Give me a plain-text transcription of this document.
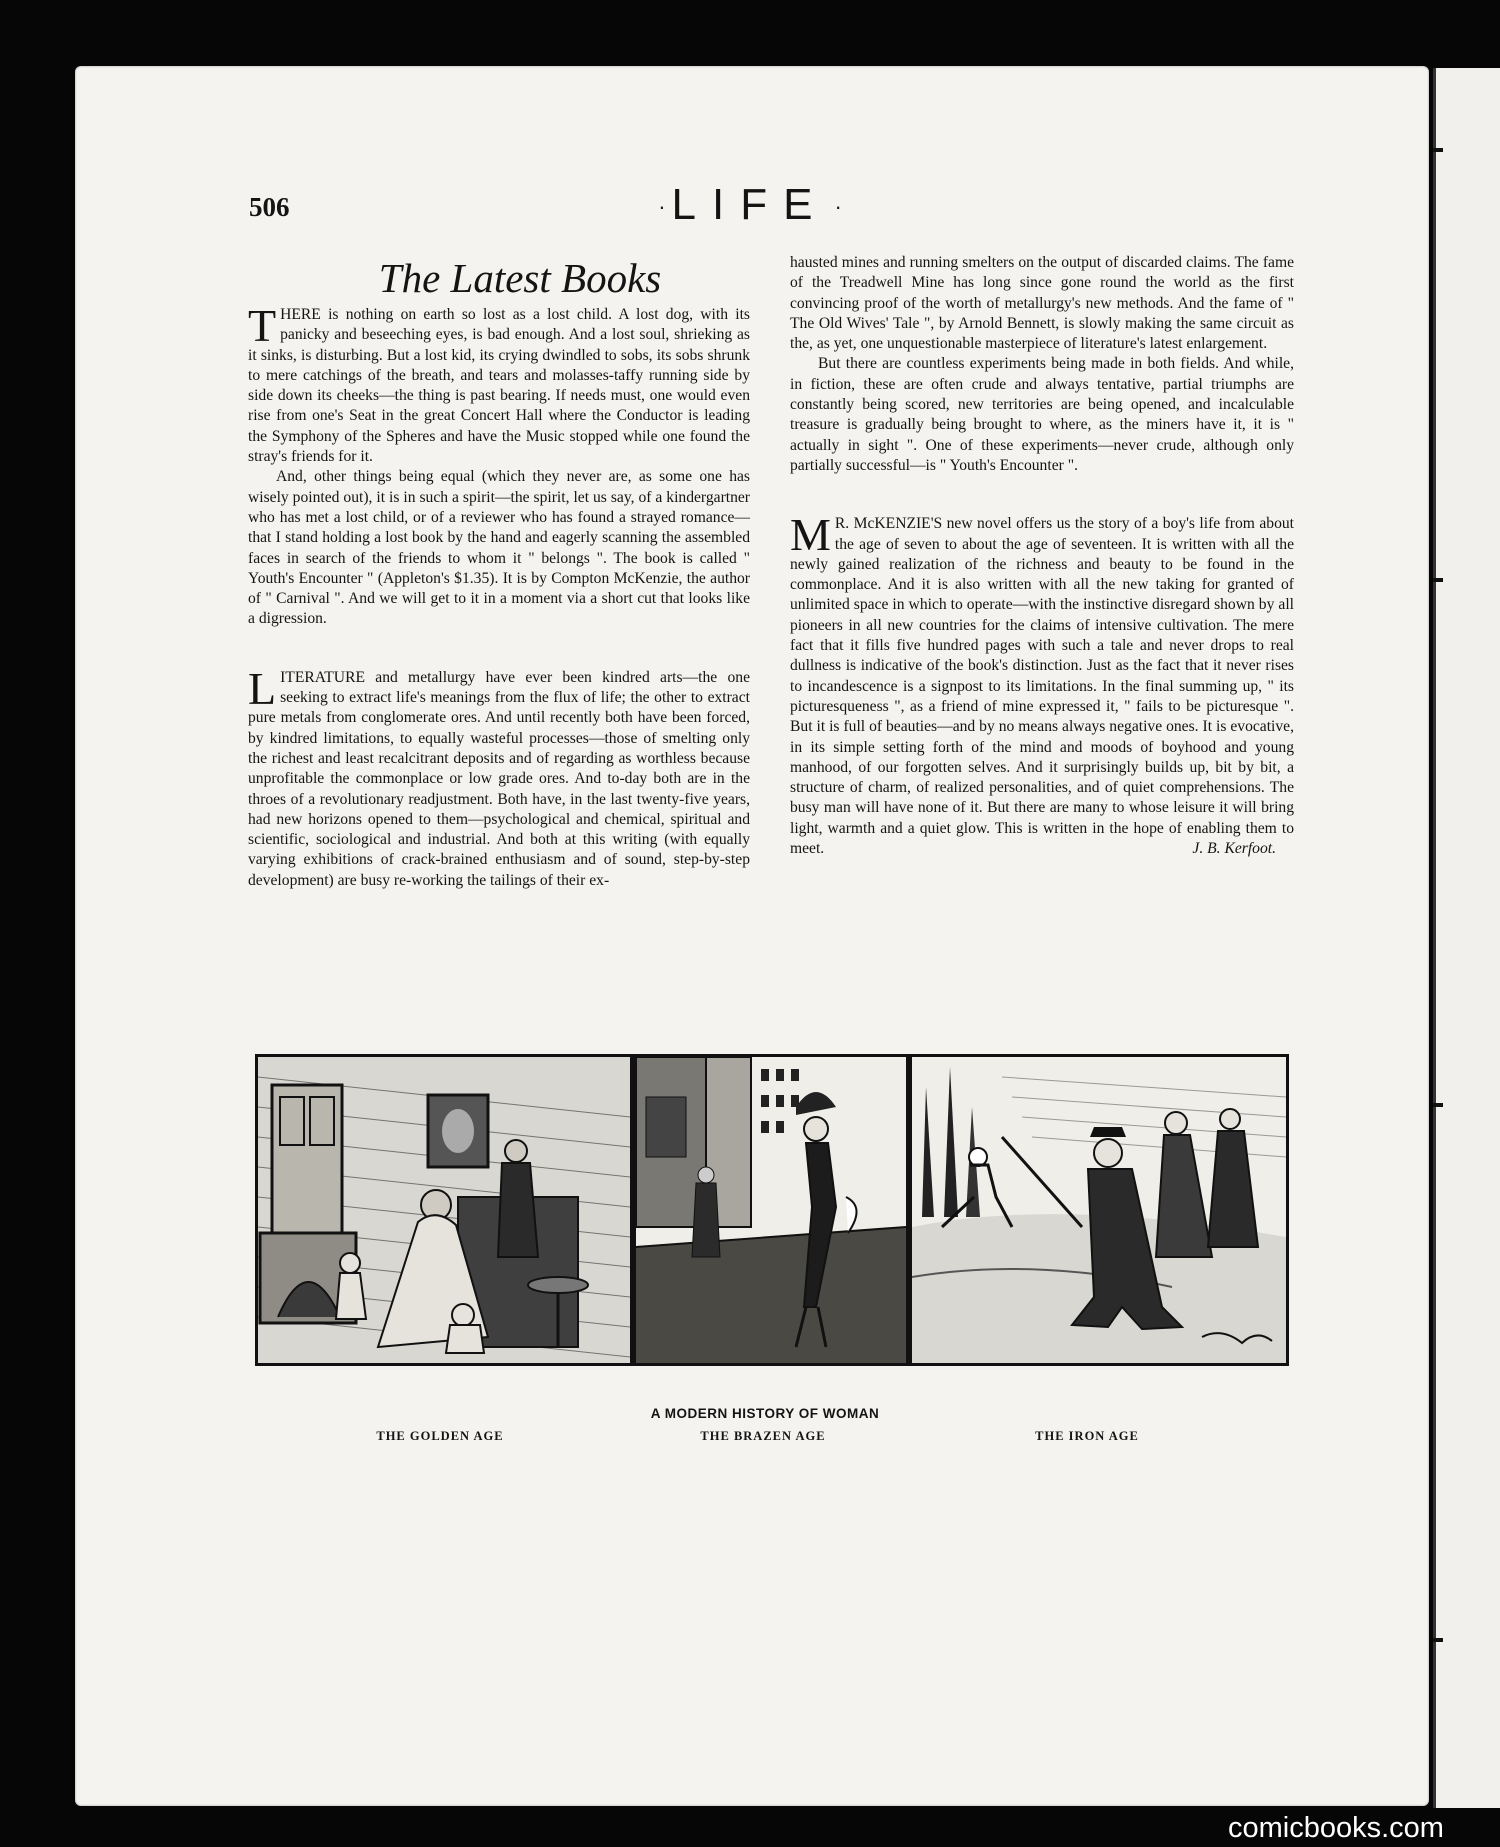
506	· LIFE ·
The Latest Books

THERE is nothing on earth so lost as a lost child. A lost dog, with its panicky and beseeching eyes, is bad enough. And a lost soul, shrieking as it sinks, is disturbing. But a lost kid, its crying dwindled to sobs, its sobs shrunk to mere catchings of the breath, and tears and molasses-taffy running side by side down its cheeks—the thing is past bearing. If needs must, one would even rise from one's Seat in the great Concert Hall where the Conductor is leading the Symphony of the Spheres and have the Music stopped while one found the stray's friends for it.

And, other things being equal (which they never are, as some one has wisely pointed out), it is in such a spirit—the spirit, let us say, of a kindergartner who has met a lost child, or of a reviewer who has found a strayed romance—that I stand holding a lost book by the hand and eagerly scanning the assembled faces in search of the friends to whom it " belongs ". The book is called " Youth's Encounter " (Appleton's $1.35). It is by Compton McKenzie, the author of " Carnival ". And we will get to it in a moment via a short cut that looks like a digression.

LITERATURE and metallurgy have ever been kindred arts—the one seeking to extract life's meanings from the flux of life; the other to extract pure metals from conglomerate ores. And until recently both have been forced, by kindred limitations, to equally wasteful processes—those of smelting only the richest and least recalcitrant deposits and of regarding as worthless because unprofitable the commonplace or low grade ores. And to-day both are in the throes of a revolutionary readjustment. Both have, in the last twenty-five years, had new horizons opened to them—psychological and chemical, spiritual and scientific, sociological and industrial. And both at this writing (with equally varying exhibitions of crack-brained enthusiasm and of sound, step-by-step development) are busy re-working the tailings of their ex-

hausted mines and running smelters on the output of discarded claims. The fame of the Treadwell Mine has long since gone round the world as the first convincing proof of the worth of metallurgy's new methods. And the fame of " The Old Wives' Tale ", by Arnold Bennett, is slowly making the same circuit as the, as yet, one unquestionable masterpiece of literature's latest enlargement.

But there are countless experiments being made in both fields. And while, in fiction, these are often crude and always tentative, partial triumphs are constantly being scored, new territories are being opened, and incalculable treasure is gradually being brought to where, as the miners have it, it is " actually in sight ". One of these experiments—never crude, although only partially successful—is " Youth's Encounter ".

M R. McKENZIE'S new novel offers us the story of a boy's life from about the age of seven to about the age of seventeen. It is written with all the newly gained realization of the richness and beauty to be found in the commonplace. And it is also written with all the new taking for granted of unlimited space in which to operate—with the instinctive disregard shown by all pioneers in all new countries for the claims of intensive cultivation. The mere fact that it fills five hundred pages with such a tale and never drops to real dullness is indicative of the book's distinction. Just as the fact that it never rises to incandescence is a signpost to its limitations. In the final summing up, " its picturesqueness ", as a friend of mine expressed it, " fails to be picturesque ". But it is full of beauties—and by no means always negative ones. It is evocative, in its simple setting forth of the mind and moods of boyhood and young manhood, of our forgotten selves. And it surprisingly builds up, bit by bit, a structure of charm, of realized personalities, and of quiet comprehensions. The busy man will have none of it. But there are many to whose leisure it will bring light, warmth and a quiet glow. This is written in the hope of enabling them to meet.	J. B. Kerfoot.
A MODERN HISTORY OF WOMAN
THE GOLDEN AGE	THE BRAZEN AGE	THE IRON AGE
comicbooks.com
